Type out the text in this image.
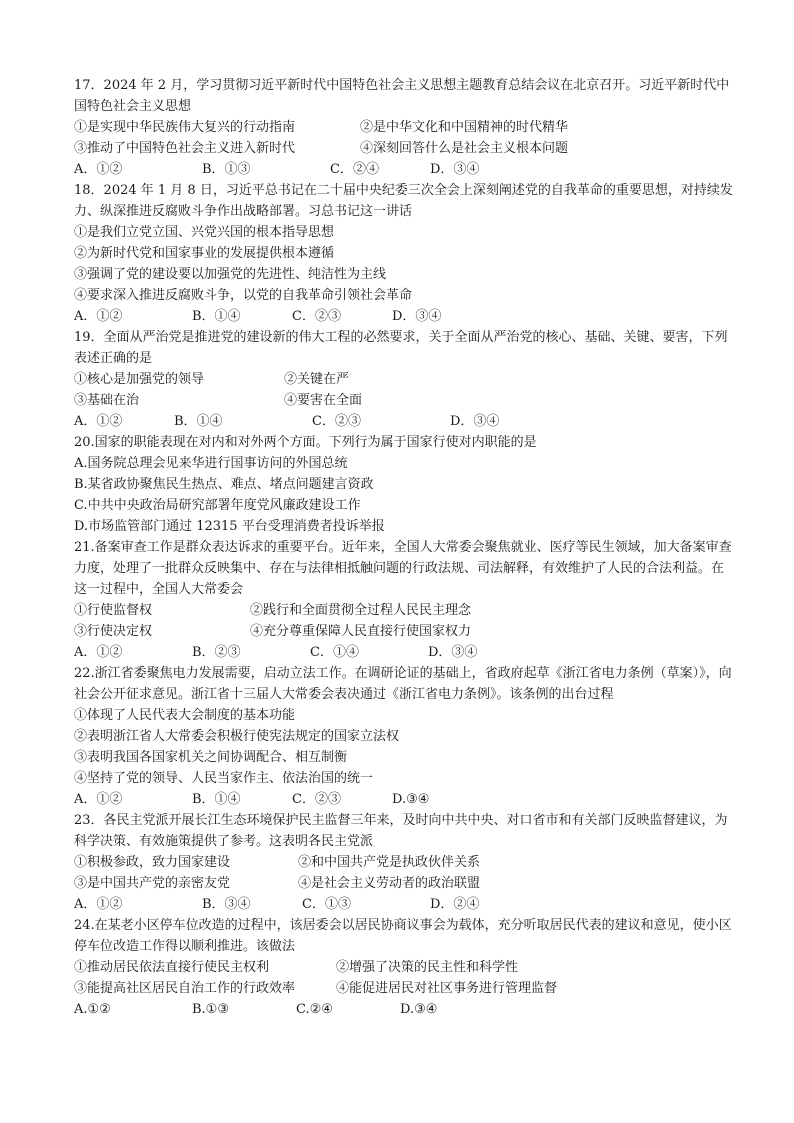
17．2024 年 2 月，学习贯彻习近平新时代中国特色社会主义思想主题教育总结会议在北京召开。习近平新时代中国特色社会主义思想
①是实现中华民族伟大复兴的行动指南	②是中华文化和中国精神的时代精华
③推动了中国特色社会主义进入新时代	④深刻回答什么是社会主义根本问题
A．①②	B．①③	C．②④	D．③④
18．2024 年 1 月 8 日，习近平总书记在二十届中央纪委三次全会上深刻阐述党的自我革命的重要思想，对持续发力、纵深推进反腐败斗争作出战略部署。习总书记这一讲话
①是我们立党立国、兴党兴国的根本指导思想
②为新时代党和国家事业的发展提供根本遵循
③强调了党的建设要以加强党的先进性、纯洁性为主线
④要求深入推进反腐败斗争，以党的自我革命引领社会革命
A．①②	B．①④	C．②③	D．③④
19．全面从严治党是推进党的建设新的伟大工程的必然要求，关于全面从严治党的核心、基础、关键、要害，下列表述正确的是
①核心是加强党的领导	②关键在严
③基础在治	④要害在全面
A．①②	B．①④	C．②③	D．③④
20.国家的职能表现在对内和对外两个方面。下列行为属于国家行使对内职能的是
A.国务院总理会见来华进行国事访问的外国总统
B.某省政协聚焦民生热点、难点、堵点问题建言资政
C.中共中央政治局研究部署年度党风廉政建设工作
D.市场监管部门通过 12315 平台受理消费者投诉举报
21.备案审查工作是群众表达诉求的重要平台。近年来，全国人大常委会聚焦就业、医疗等民生领域，加大备案审查力度，处理了一批群众反映集中、存在与法律相抵触问题的行政法规、司法解释，有效维护了人民的合法利益。在这一过程中，全国人大常委会
①行使监督权	②践行和全面贯彻全过程人民民主理念
③行使决定权	④充分尊重保障人民直接行使国家权力
A．①②	B．②③	C．①④	D．③④
22.浙江省委聚焦电力发展需要，启动立法工作。在调研论证的基础上，省政府起草《浙江省电力条例（草案）》，向社会公开征求意见。浙江省十三届人大常委会表决通过《浙江省电力条例》。该条例的出台过程
①体现了人民代表大会制度的基本功能
②表明浙江省人大常委会积极行使宪法规定的国家立法权
③表明我国各国家机关之间协调配合、相互制衡
④坚持了党的领导、人民当家作主、依法治国的统一
A．①②	B．①④	C．②③	D.③④
23．各民主党派开展长江生态环境保护民主监督三年来，及时向中共中央、对口省市和有关部门反映监督建议，为科学决策、有效施策提供了参考。这表明各民主党派
①积极参政，致力国家建设	②和中国共产党是执政伙伴关系
③是中国共产党的亲密友党	④是社会主义劳动者的政治联盟
A．①②	B．③④	C．①③	D．②④
24.在某老小区停车位改造的过程中，该居委会以居民协商议事会为载体，充分听取居民代表的建议和意见，使小区停车位改造工作得以顺利推进。该做法
①推动居民依法直接行使民主权利	②增强了决策的民主性和科学性
③能提高社区居民自治工作的行政效率	④能促进居民对社区事务进行管理监督
A.①②	B.①③	C.②④	D.③④
